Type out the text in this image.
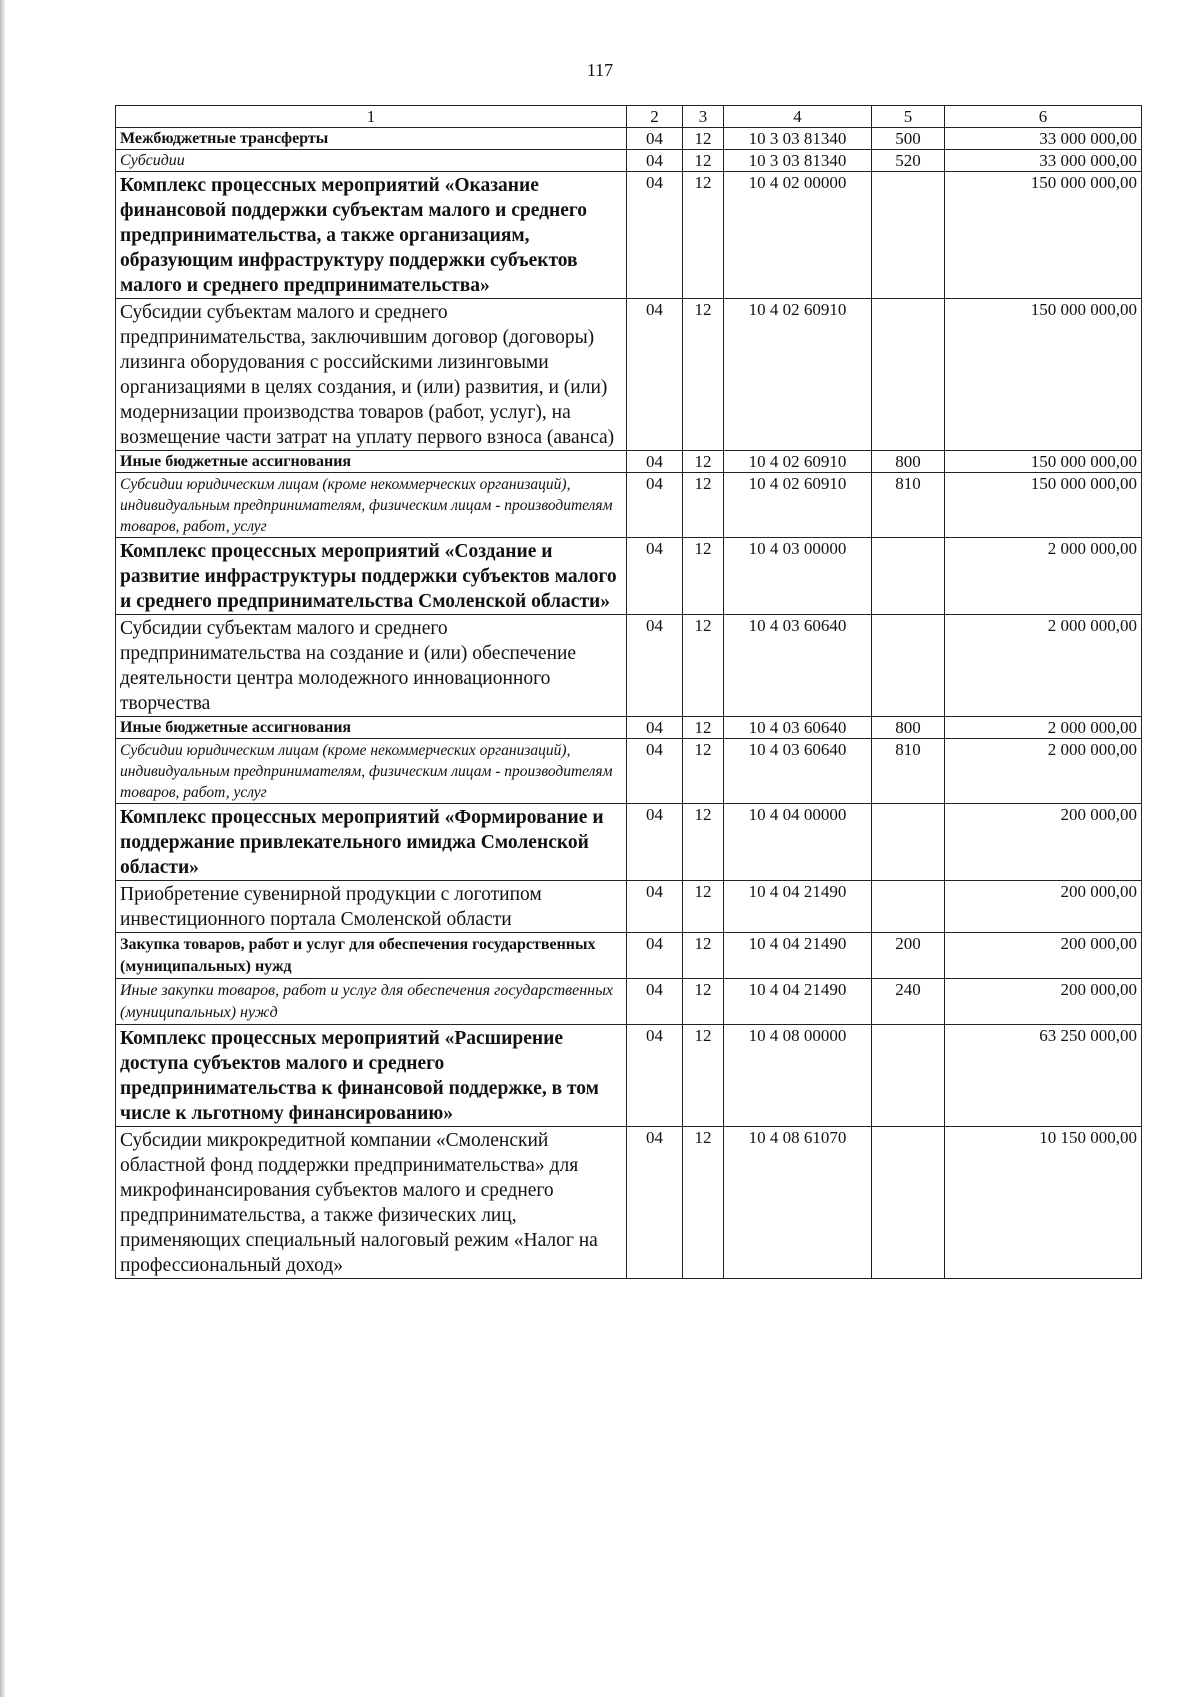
117
1	2	3	4	5	6
Межбюджетные трансферты	04	12	10 3 03 81340	500	33 000 000,00
Субсидии	04	12	10 3 03 81340	520	33 000 000,00
Комплекс процессных мероприятий «Оказание финансовой поддержки субъектам малого и среднего предпринимательства, а также организациям, образующим инфраструктуру поддержки субъектов малого и среднего предпринимательства»	04	12	10 4 02 00000		150 000 000,00
Субсидии субъектам малого и среднего предпринимательства, заключившим договор (договоры) лизинга оборудования с российскими лизинговыми организациями в целях создания, и (или) развития, и (или) модернизации производства товаров (работ, услуг), на возмещение части затрат на уплату первого взноса (аванса)	04	12	10 4 02 60910		150 000 000,00
Иные бюджетные ассигнования	04	12	10 4 02 60910	800	150 000 000,00
Субсидии юридическим лицам (кроме некоммерческих организаций), индивидуальным предпринимателям, физическим лицам - производителям товаров, работ, услуг	04	12	10 4 02 60910	810	150 000 000,00
Комплекс процессных мероприятий «Создание и развитие инфраструктуры поддержки субъектов малого и среднего предпринимательства Смоленской области»	04	12	10 4 03 00000		2 000 000,00
Субсидии субъектам малого и среднего предпринимательства на создание и (или) обеспечение деятельности центра молодежного инновационного творчества	04	12	10 4 03 60640		2 000 000,00
Иные бюджетные ассигнования	04	12	10 4 03 60640	800	2 000 000,00
Субсидии юридическим лицам (кроме некоммерческих организаций), индивидуальным предпринимателям, физическим лицам - производителям товаров, работ, услуг	04	12	10 4 03 60640	810	2 000 000,00
Комплекс процессных мероприятий «Формирование и поддержание привлекательного имиджа Смоленской области»	04	12	10 4 04 00000		200 000,00
Приобретение сувенирной продукции с логотипом инвестиционного портала Смоленской области	04	12	10 4 04 21490		200 000,00
Закупка товаров, работ и услуг для обеспечения государственных (муниципальных) нужд	04	12	10 4 04 21490	200	200 000,00
Иные закупки товаров, работ и услуг для обеспечения государственных (муниципальных) нужд	04	12	10 4 04 21490	240	200 000,00
Комплекс процессных мероприятий «Расширение доступа субъектов малого и среднего предпринимательства к финансовой поддержке, в том числе к льготному финансированию»	04	12	10 4 08 00000		63 250 000,00
Субсидии микрокредитной компании «Смоленский областной фонд поддержки предпринимательства» для микрофинансирования субъектов малого и среднего предпринимательства, а также физических лиц, применяющих специальный налоговый режим «Налог на профессиональный доход»	04	12	10 4 08 61070		10 150 000,00
